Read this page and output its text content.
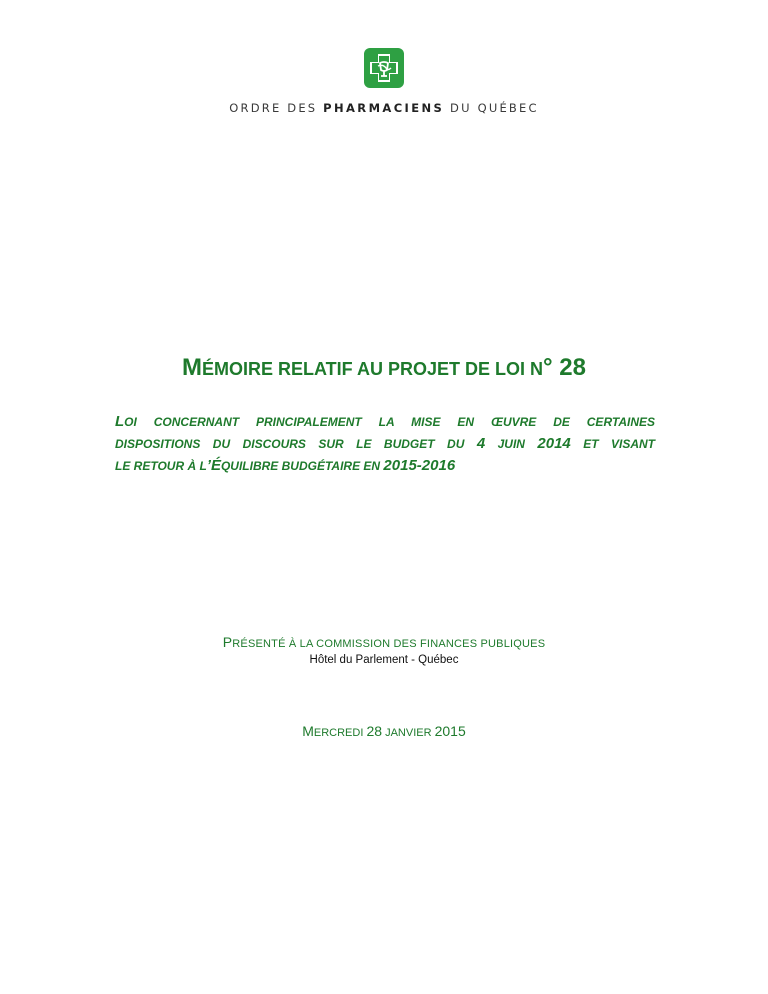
ORDRE DES PHARMACIENS DU QUÉBEC
MÉMOIRE RELATIF AU PROJET DE LOI N° 28
LOI CONCERNANT PRINCIPALEMENT LA MISE EN ŒUVRE DE CERTAINES
DISPOSITIONS DU DISCOURS SUR LE BUDGET DU 4 JUIN 2014 ET VISANT
LE RETOUR À L’ÉQUILIBRE BUDGÉTAIRE EN 2015-2016
PRÉSENTÉ À LA COMMISSION DES FINANCES PUBLIQUES
Hôtel du Parlement - Québec
MERCREDI 28 JANVIER 2015
